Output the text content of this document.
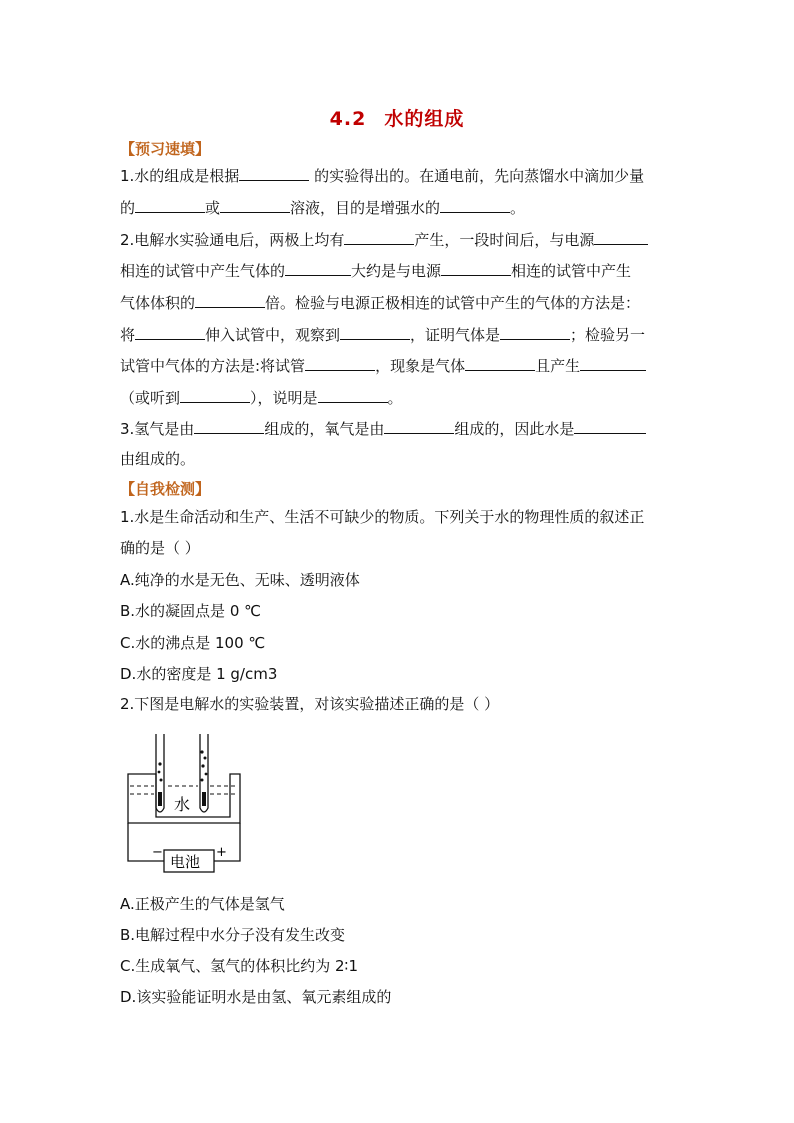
4.2 水的组成
【预习速填】
1.水的组成是根据	的实验得出的。在通电前，先向蒸馏水中滴加少量
的	或	溶液，目的是增强水的	。
2.电解水实验通电后，两极上均有	产生，一段时间后，与电源
相连的试管中产生气体的	大约是与电源	相连的试管中产生
气体体积的	倍。检验与电源正极相连的试管中产生的气体的方法是：
将	伸入试管中，观察到	，证明气体是	；检验另一
试管中气体的方法是:将试管	，现象是气体	且产生
（或听到	），说明是	。
3.氢气是由	组成的，氧气是由	组成的，因此水是
由组成的。
【自我检测】
1.水是生命活动和生产、生活不可缺少的物质。下列关于水的物理性质的叙述正
确的是（ ）
A.纯净的水是无色、无味、透明液体
B.水的凝固点是 0 ℃
C.水的沸点是 100 ℃
D.水的密度是 1 g/cm3
2.下图是电解水的实验装置，对该实验描述正确的是（ ）
水
电池
−	+
A.正极产生的气体是氢气
B.电解过程中水分子没有发生改变
C.生成氧气、氢气的体积比约为 2∶1
D.该实验能证明水是由氢、氧元素组成的
